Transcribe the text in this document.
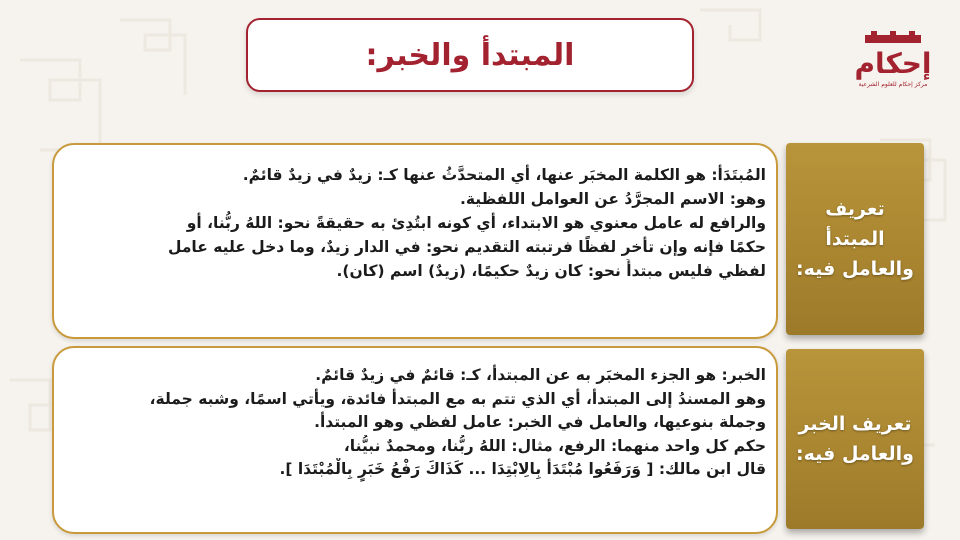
المبتدأ والخبر:	إحكام
مركز إحكام للعلوم الشرعية
المُبتَدَأ: هو الكلمة المخبَر عنها، أي المتحدَّثُ عنها كـ: زيدٌ في زيدٌ قائمٌ.
وهو: الاسم المجرَّدُ عن العوامل اللفظية.
والرافع له عامل معنوي هو الابتداء، أي كونه ابتُدِئ به حقيقةً نحو: اللهُ ربُّنا، أو
حكمًا فإنه وإن تأخر لفظًا فرتبته التقديم نحو: في الدار زيدٌ، وما دخل عليه عامل
لفظي فليس مبتدأً نحو: كان زيدٌ حكيمًا، (زيدٌ) اسم (كان).
تعريف
المبتدأ
والعامل فيه:
الخبر: هو الجزء المخبَر به عن المبتدأ، كـ: قائمٌ في زيدٌ قائمٌ.
وهو المسندُ إلى المبتدأ، أي الذي تتم به مع المبتدأ فائدة، ويأتي اسمًا، وشبه جملة،
وجملة بنوعيها، والعامل في الخبر: عامل لفظي وهو المبتدأ.
حكم كل واحد منهما: الرفع، مثال: اللهُ ربُّنا، ومحمدٌ نبيُّنا،
قال ابن مالك: [ وَرَفَعُوا مُبْتَدَأً بِالِابْتِدَا ... كَذَاكَ رَفْعُ خَبَرٍ بِالْمُبْتَدَا ].
تعريف الخبر
والعامل فيه:
